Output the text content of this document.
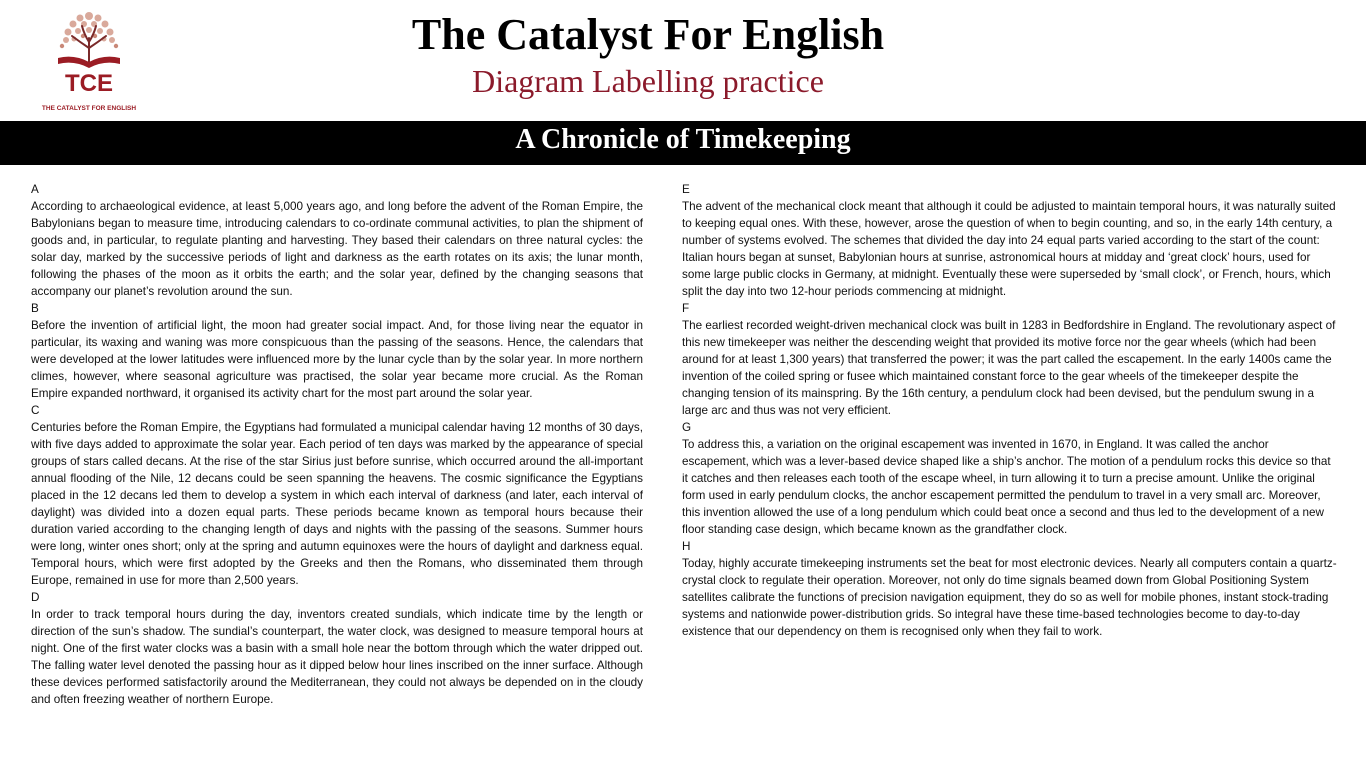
TCE
THE CATALYST FOR ENGLISH
The Catalyst For English
Diagram Labelling practice
A Chronicle of Timekeeping
A
According to archaeological evidence, at least 5,000 years ago, and long before the advent of the Roman Empire, the Babylonians began to measure time, introducing calendars to co-ordinate communal activities, to plan the shipment of goods and, in particular, to regulate planting and harvesting. They based their calendars on three natural cycles: the solar day, marked by the successive periods of light and darkness as the earth rotates on its axis; the lunar month, following the phases of the moon as it orbits the earth; and the solar year, defined by the changing seasons that accompany our planet’s revolution around the sun.
B
Before the invention of artificial light, the moon had greater social impact. And, for those living near the equator in particular, its waxing and waning was more conspicuous than the passing of the seasons. Hence, the calendars that were developed at the lower latitudes were influenced more by the lunar cycle than by the solar year. In more northern climes, however, where seasonal agriculture was practised, the solar year became more crucial. As the Roman Empire expanded northward, it organised its activity chart for the most part around the solar year.
C
Centuries before the Roman Empire, the Egyptians had formulated a municipal calendar having 12 months of 30 days, with five days added to approximate the solar year. Each period of ten days was marked by the appearance of special groups of stars called decans. At the rise of the star Sirius just before sunrise, which occurred around the all-important annual flooding of the Nile, 12 decans could be seen spanning the heavens. The cosmic significance the Egyptians placed in the 12 decans led them to develop a system in which each interval of darkness (and later, each interval of daylight) was divided into a dozen equal parts. These periods became known as temporal hours because their duration varied according to the changing length of days and nights with the passing of the seasons. Summer hours were long, winter ones short; only at the spring and autumn equinoxes were the hours of daylight and darkness equal. Temporal hours, which were first adopted by the Greeks and then the Romans, who disseminated them through Europe, remained in use for more than 2,500 years.
D
In order to track temporal hours during the day, inventors created sundials, which indicate time by the length or direction of the sun’s shadow. The sundial’s counterpart, the water clock, was designed to measure temporal hours at night. One of the first water clocks was a basin with a small hole near the bottom through which the water dripped out. The falling water level denoted the passing hour as it dipped below hour lines inscribed on the inner surface. Although these devices performed satisfactorily around the Mediterranean, they could not always be depended on in the cloudy and often freezing weather of northern Europe.
E
The advent of the mechanical clock meant that although it could be adjusted to maintain temporal hours, it was naturally suited to keeping equal ones. With these, however, arose the question of when to begin counting, and so, in the early 14th century, a number of systems evolved. The schemes that divided the day into 24 equal parts varied according to the start of the count: Italian hours began at sunset, Babylonian hours at sunrise, astronomical hours at midday and ‘great clock’ hours, used for some large public clocks in Germany, at midnight. Eventually these were superseded by ‘small clock’, or French, hours, which split the day into two 12-hour periods commencing at midnight.
F
The earliest recorded weight-driven mechanical clock was built in 1283 in Bedfordshire in England. The revolutionary aspect of this new timekeeper was neither the descending weight that provided its motive force nor the gear wheels (which had been around for at least 1,300 years) that transferred the power; it was the part called the escapement. In the early 1400s came the invention of the coiled spring or fusee which maintained constant force to the gear wheels of the timekeeper despite the changing tension of its mainspring. By the 16th century, a pendulum clock had been devised, but the pendulum swung in a large arc and thus was not very efficient.
G
To address this, a variation on the original escapement was invented in 1670, in England. It was called the anchor escapement, which was a lever-based device shaped like a ship’s anchor. The motion of a pendulum rocks this device so that it catches and then releases each tooth of the escape wheel, in turn allowing it to turn a precise amount. Unlike the original form used in early pendulum clocks, the anchor escapement permitted the pendulum to travel in a very small arc. Moreover, this invention allowed the use of a long pendulum which could beat once a second and thus led to the development of a new floor standing case design, which became known as the grandfather clock.
H
Today, highly accurate timekeeping instruments set the beat for most electronic devices. Nearly all computers contain a quartz-crystal clock to regulate their operation. Moreover, not only do time signals beamed down from Global Positioning System satellites calibrate the functions of precision navigation equipment, they do so as well for mobile phones, instant stock-trading systems and nationwide power-distribution grids. So integral have these time-based technologies become to day-to-day existence that our dependency on them is recognised only when they fail to work.
